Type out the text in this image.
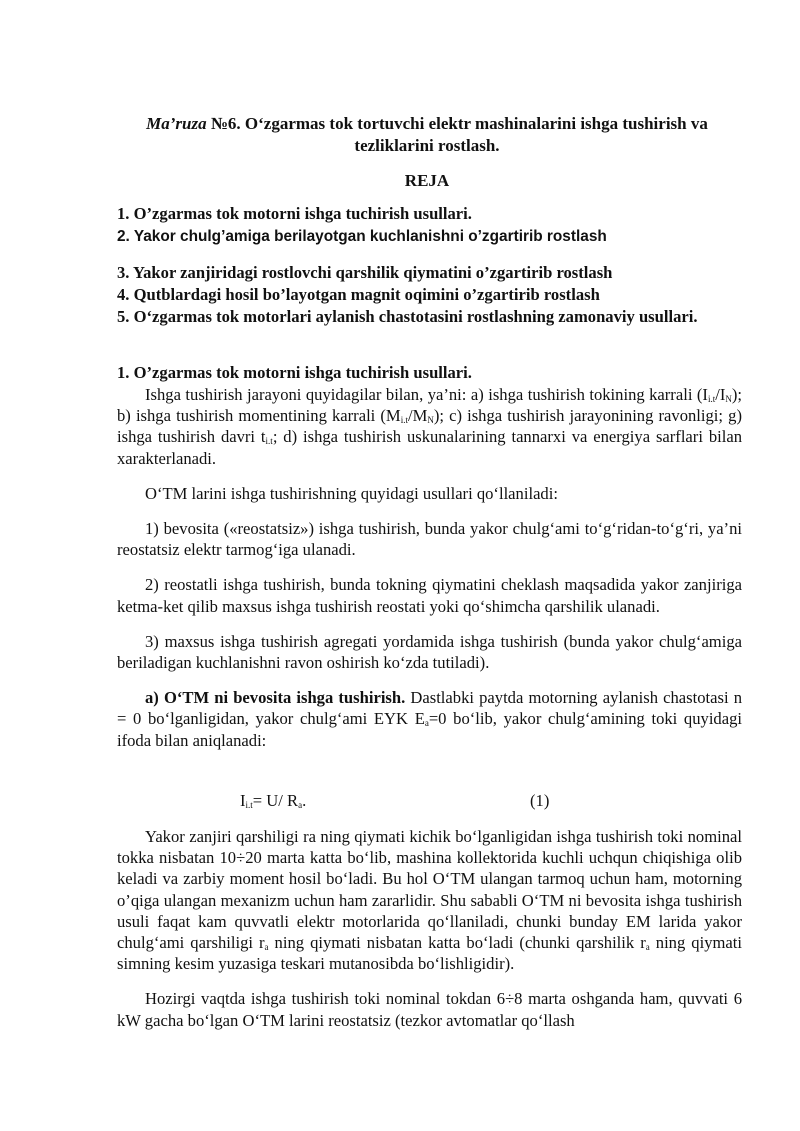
Ma’ruza №6. O‘zgarmas tok tortuvchi elektr mashinalarini ishga tushirish va tezliklarini rostlash.
REJA
1. O’zgarmas tok motorni ishga tuchirish usullari.
2. Yakor chulg’amiga berilayotgan kuchlanishni o’zgartirib rostlash
3. Yakor zanjiridagi rostlovchi qarshilik qiymatini o’zgartirib rostlash
4. Qutblardagi hosil bo’layotgan magnit oqimini o’zgartirib rostlash
5. O‘zgarmas tok motorlari aylanish chastotasini rostlashning zamonaviy usullari.
1. O’zgarmas tok motorni ishga tuchirish usullari.

Ishga tushirish jarayoni quyidagilar bilan, ya’ni: a) ishga tushirish tokining karrali $(I_{i.t}/I_N)$; b) ishga tushirish momentining karrali $(M_{i.t}/M_N)$; c) ishga tushirish jarayonining ravonligi; g) ishga tushirish davri $t_{i.t}$; d) ishga tushirish uskunalarining tannarxi va energiya sarflari bilan xarakterlanadi.

O‘TM larini ishga tushirishning quyidagi usullari qo‘llaniladi:

1) bevosita («reostatsiz») ishga tushirish, bunda yakor chulg‘ami to‘g‘ridan-to‘g‘ri, ya’ni reostatsiz elektr tarmog‘iga ulanadi.

2) reostatli ishga tushirish, bunda tokning qiymatini cheklash maqsadida yakor zanjiriga ketma-ket qilib maxsus ishga tushirish reostati yoki qo‘shimcha qarshilik ulanadi.

3) maxsus ishga tushirish agregati yordamida ishga tushirish (bunda yakor chulg‘amiga beriladigan kuchlanishni ravon oshirish ko‘zda tutiladi).

a) O‘TM ni bevosita ishga tushirish. Dastlabki paytda motorning aylanish chastotasi n = 0 bo‘lganligidan, yakor chulg‘ami EYK $E_a=0$ bo‘lib, yakor chulg‘amining toki quyidagi ifoda bilan aniqlanadi:

$I_{i.t}= U/$ $R_a$.	(1)

Yakor zanjiri qarshiligi ra ning qiymati kichik bo‘lganligidan ishga tushirish toki nominal tokka nisbatan 10÷20 marta katta bo‘lib, mashina kollektorida kuchli uchqun chiqishiga olib keladi va zarbiy moment hosil bo‘ladi. Bu hol O‘TM ulangan tarmoq uchun ham, motorning o’qiga ulangan mexanizm uchun ham zararlidir. Shu sababli O‘TM ni bevosita ishga tushirish usuli faqat kam quvvatli elektr motorlarida qo‘llaniladi, chunki bunday EM larida yakor chulg‘ami qarshiligi $r_a$ ning qiymati nisbatan katta bo‘ladi (chunki qarshilik $r_a$ ning qiymati simning kesim yuzasiga teskari mutanosibda bo‘lishligidir).

Hozirgi vaqtda ishga tushirish toki nominal tokdan 6÷8 marta oshganda ham, quvvati 6 kW gacha bo‘lgan O‘TM larini reostatsiz (tezkor avtomatlar qo‘llash
